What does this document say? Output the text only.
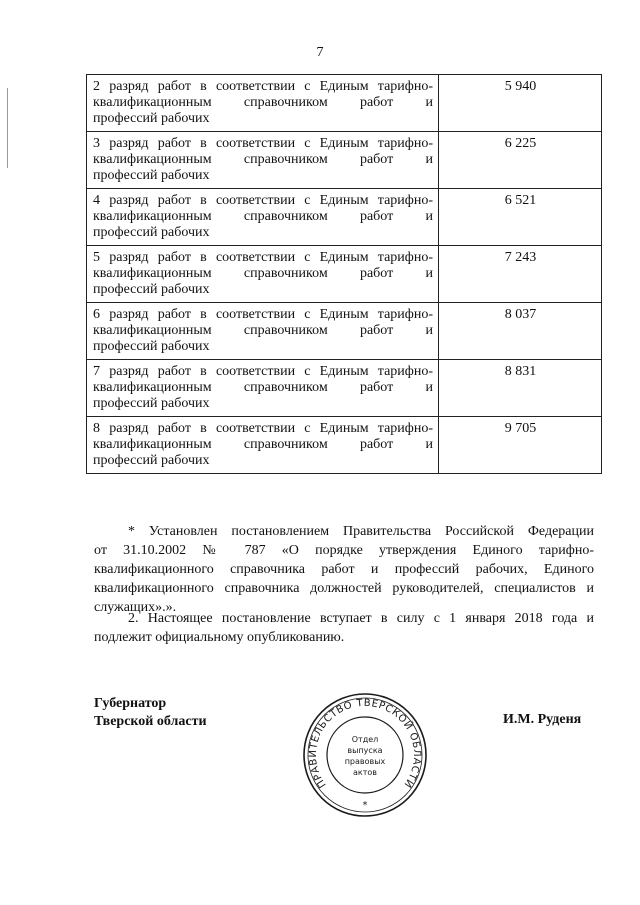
7
2 разряд работ в соответствии с Единым тарифно-
квалификационным справочником работ и
профессий рабочих	5 940

3 разряд работ в соответствии с Единым тарифно-
квалификационным справочником работ и
профессий рабочих	6 225

4 разряд работ в соответствии с Единым тарифно-
квалификационным справочником работ и
профессий рабочих	6 521

5 разряд работ в соответствии с Единым тарифно-
квалификационным справочником работ и
профессий рабочих	7 243

6 разряд работ в соответствии с Единым тарифно-
квалификационным справочником работ и
профессий рабочих	8 037

7 разряд работ в соответствии с Единым тарифно-
квалификационным справочником работ и
профессий рабочих	8 831

8 разряд работ в соответствии с Единым тарифно-
квалификационным справочником работ и
профессий рабочих	9 705
* Установлен постановлением Правительства Российской Федерации
от 31.10.2002 № 787 «О порядке утверждения Единого тарифно-
квалификационного справочника работ и профессий рабочих, Единого
квалификационного справочника должностей руководителей, специалистов и
служащих».».
2. Настоящее постановление вступает в силу с 1 января 2018 года и
подлежит официальному опубликованию.
Губернатор
Тверской области	И.М. Руденя
ПРАВИТЕЛЬСТВО ТВЕРСКОЙ ОБЛАСТИ
Отдел
выпуска
правовых
актов
*
